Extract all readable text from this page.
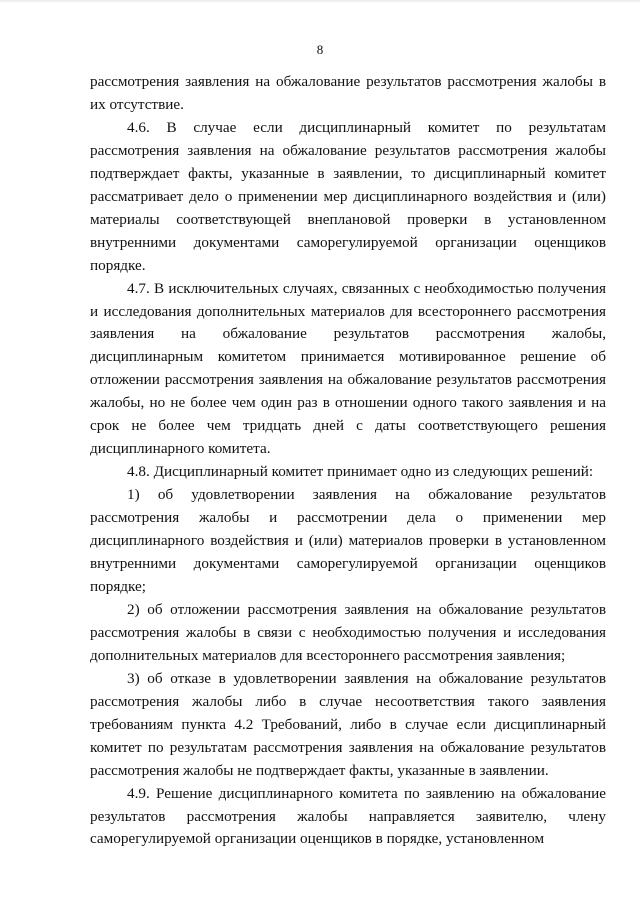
8

рассмотрения заявления на обжалование результатов рассмотрения жалобы в их отсутствие.

4.6. В случае если дисциплинарный комитет по результатам рассмотрения заявления на обжалование результатов рассмотрения жалобы подтверждает факты, указанные в заявлении, то дисциплинарный комитет рассматривает дело о применении мер дисциплинарного воздействия и (или) материалы соответствующей внеплановой проверки в установленном внутренними документами саморегулируемой организации оценщиков порядке.

4.7. В исключительных случаях, связанных с необходимостью получения и исследования дополнительных материалов для всестороннего рассмотрения заявления на обжалование результатов рассмотрения жалобы, дисциплинарным комитетом принимается мотивированное решение об отложении рассмотрения заявления на обжалование результатов рассмотрения жалобы, но не более чем один раз в отношении одного такого заявления и на срок не более чем тридцать дней с даты соответствующего решения дисциплинарного комитета.

4.8. Дисциплинарный комитет принимает одно из следующих решений:

1) об удовлетворении заявления на обжалование результатов рассмотрения жалобы и рассмотрении дела о применении мер дисциплинарного воздействия и (или) материалов проверки в установленном внутренними документами саморегулируемой организации оценщиков порядке;

2) об отложении рассмотрения заявления на обжалование результатов рассмотрения жалобы в связи с необходимостью получения и исследования дополнительных материалов для всестороннего рассмотрения заявления;

3) об отказе в удовлетворении заявления на обжалование результатов рассмотрения жалобы либо в случае несоответствия такого заявления требованиям пункта 4.2 Требований, либо в случае если дисциплинарный комитет по результатам рассмотрения заявления на обжалование результатов рассмотрения жалобы не подтверждает факты, указанные в заявлении.

4.9. Решение дисциплинарного комитета по заявлению на обжалование результатов рассмотрения жалобы направляется заявителю, члену саморегулируемой организации оценщиков в порядке, установленном
